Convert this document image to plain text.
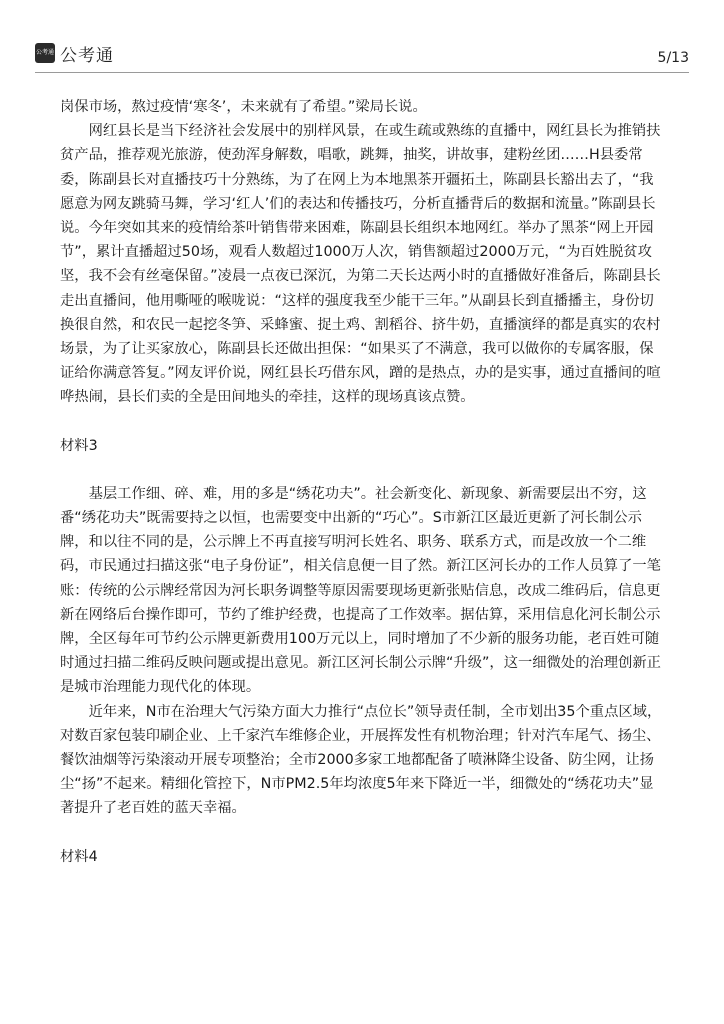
公考通 公考通	5/13

岗保市场，熬过疫情‘寒冬’，未来就有了希望。”梁局长说。

网红县长是当下经济社会发展中的别样风景，在或生疏或熟练的直播中，网红县长为推销扶贫产品，推荐观光旅游，使劲浑身解数，唱歌，跳舞，抽奖，讲故事，建粉丝团……H县委常委，陈副县长对直播技巧十分熟练，为了在网上为本地黑茶开疆拓土，陈副县长豁出去了，“我愿意为网友跳骑马舞，学习‘红人’们的表达和传播技巧，分析直播背后的数据和流量。”陈副县长说。今年突如其来的疫情给茶叶销售带来困难，陈副县长组织本地网红。举办了黑茶“网上开园节”，累计直播超过50场，观看人数超过1000万人次，销售额超过2000万元，“为百姓脱贫攻坚，我不会有丝毫保留。”凌晨一点夜已深沉，为第二天长达两小时的直播做好准备后，陈副县长走出直播间，他用嘶哑的喉咙说：“这样的强度我至少能干三年。”从副县长到直播播主，身份切换很自然，和农民一起挖冬笋、采蜂蜜、捉土鸡、割稻谷、挤牛奶，直播演绎的都是真实的农村场景，为了让买家放心，陈副县长还做出担保：“如果买了不满意，我可以做你的专属客服，保证给你满意答复。”网友评价说，网红县长巧借东风，蹭的是热点，办的是实事，通过直播间的喧哗热闹，县长们卖的全是田间地头的牵挂，这样的现场真该点赞。

材料3

基层工作细、碎、难，用的多是“绣花功夫”。社会新变化、新现象、新需要层出不穷，这番“绣花功夫”既需要持之以恒，也需要变中出新的“巧心”。S市新江区最近更新了河长制公示牌，和以往不同的是，公示牌上不再直接写明河长姓名、职务、联系方式，而是改放一个二维码，市民通过扫描这张“电子身份证”，相关信息便一目了然。新江区河长办的工作人员算了一笔账：传统的公示牌经常因为河长职务调整等原因需要现场更新张贴信息，改成二维码后，信息更新在网络后台操作即可，节约了维护经费，也提高了工作效率。据估算，采用信息化河长制公示牌，全区每年可节约公示牌更新费用100万元以上，同时增加了不少新的服务功能，老百姓可随时通过扫描二维码反映问题或提出意见。新江区河长制公示牌“升级”，这一细微处的治理创新正是城市治理能力现代化的体现。

近年来，N市在治理大气污染方面大力推行“点位长”领导责任制，全市划出35个重点区域，对数百家包装印刷企业、上千家汽车维修企业，开展挥发性有机物治理；针对汽车尾气、扬尘、餐饮油烟等污染滚动开展专项整治；全市2000多家工地都配备了喷淋降尘设备、防尘网，让扬尘“扬”不起来。精细化管控下，N市PM2.5年均浓度5年来下降近一半，细微处的“绣花功夫”显著提升了老百姓的蓝天幸福。

材料4
